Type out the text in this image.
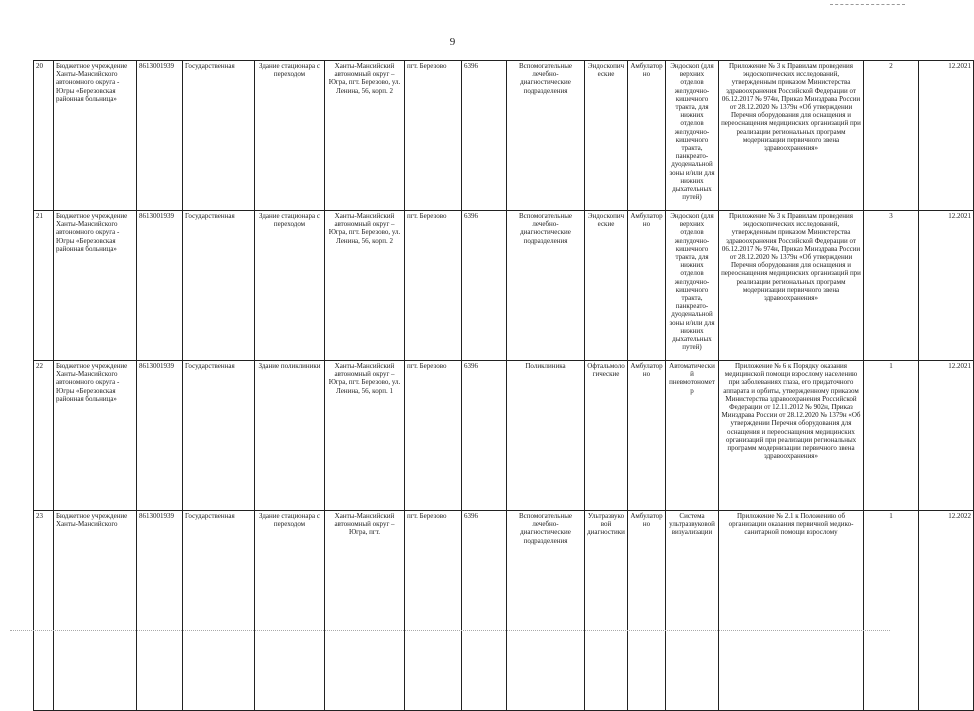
9
20	Бюджетное учреждение Ханты-Мансийского автономного округа - Югры «Березовская районная больница»	8613001939	Государственная	Здание стационара с переходом	Ханты-Мансийский автономный округ – Югра, пгт. Березово, ул. Ленина, 56, корп. 2	пгт. Березово	6396	Вспомогательные лечебно-диагностические подразделения	Эндоскопические	Амбулаторно	Эндоскоп (для верхних отделов желудочно-кишечного тракта, для нижних отделов желудочно-кишечного тракта, панкреато-дуоденальной зоны и/или для нижних дыхательных путей)	Приложение № 3 к Правилам проведения эндоскопических исследований, утвержденным приказом Министерства здравоохранения Российской Федерации от 06.12.2017 № 974н, Приказ Минздрава России от 28.12.2020 № 1379н «Об утверждении Перечня оборудования для оснащения и переоснащения медицинских организаций при реализации региональных программ модернизации первичного звена здравоохранения»	2	12.2021
21	Бюджетное учреждение Ханты-Мансийского автономного округа - Югры «Березовская районная больница»	8613001939	Государственная	Здание стационара с переходом	Ханты-Мансийский автономный округ – Югра, пгт. Березово, ул. Ленина, 56, корп. 2	пгт. Березово	6396	Вспомогательные лечебно-диагностические подразделения	Эндоскопические	Амбулаторно	Эндоскоп (для верхних отделов желудочно-кишечного тракта, для нижних отделов желудочно-кишечного тракта, панкреато-дуоденальной зоны и/или для нижних дыхательных путей)	Приложение № 3 к Правилам проведения эндоскопических исследований, утвержденным приказом Министерства здравоохранения Российской Федерации от 06.12.2017 № 974н, Приказ Минздрава России от 28.12.2020 № 1379н «Об утверждении Перечня оборудования для оснащения и переоснащения медицинских организаций при реализации региональных программ модернизации первичного звена здравоохранения»	3	12.2021
22	Бюджетное учреждение Ханты-Мансийского автономного округа - Югры «Березовская районная больница»	8613001939	Государственная	Здание поликлиники	Ханты-Мансийский автономный округ – Югра, пгт. Березово, ул. Ленина, 56, корп. 1	пгт. Березово	6396	Поликлиника	Офтальмологические	Амбулаторно	Автоматический пневмотонометр	Приложение № 6 к Порядку оказания медицинской помощи взрослому населению при заболеваниях глаза, его придаточного аппарата и орбиты, утвержденному приказом Министерства здравоохранения Российской Федерации от 12.11.2012 № 902н, Приказ Минздрава России от 28.12.2020 № 1379н «Об утверждении Перечня оборудования для оснащения и переоснащения медицинских организаций при реализации региональных программ модернизации первичного звена здравоохранения»	1	12.2021
23	Бюджетное учреждение Ханты-Мансийского	8613001939	Государственная	Здание стационара с переходом	Ханты-Мансийский автономный округ – Югра, пгт.	пгт. Березово	6396	Вспомогательные лечебно-диагностические подразделения	Ультразвуковой диагностики	Амбулаторно	Система ультразвуковой визуализации	Приложение № 2.1 к Положению об организации оказания первичной медико-санитарной помощи взрослому	1	12.2022
